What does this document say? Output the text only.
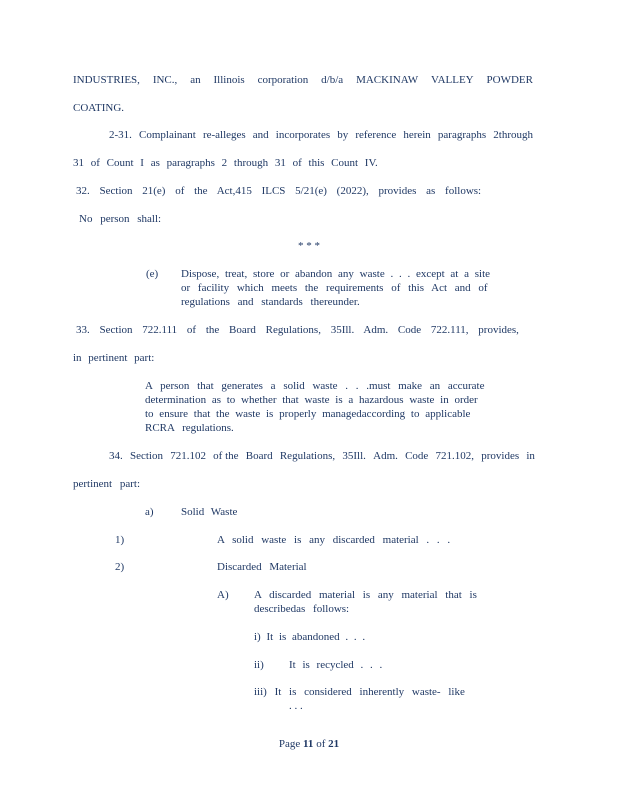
INDUSTRIES, INC., an Illinois corporation d/b/a MACKINAW VALLEY POWDER
COATING.
2-31. Complainant re-alleges and incorporates by reference herein paragraphs 2through
31 of Count I as paragraphs 2 through 31 of this Count IV.
32. Section 21(e) of the Act,415 ILCS 5/21(e) (2022), provides as follows:
No person shall:
* * *
(e) Dispose, treat, store or abandon any waste . . . except at a site
or facility which meets the requirements of this Act and of
regulations and standards thereunder.
33. Section 722.111 of the Board Regulations, 35Ill. Adm. Code 722.111, provides,
in pertinent part:
A person that generates a solid waste . . .must make an accurate
determination as to whether that waste is a hazardous waste in order
to ensure that the waste is properly managedaccording to applicable
RCRA regulations.
34. Section 721.102 of the Board Regulations, 35Ill. Adm. Code 721.102, provides in
pertinent part:
a) Solid Waste
1)	A solid waste is any discarded material . . .
2)	Discarded Material
A) A discarded material is any material that is
describedas follows:
i) It is abandoned . . .
ii) It is recycled . . .
iii) It is considered inherently waste- like
. . .
Page 11 of 21
